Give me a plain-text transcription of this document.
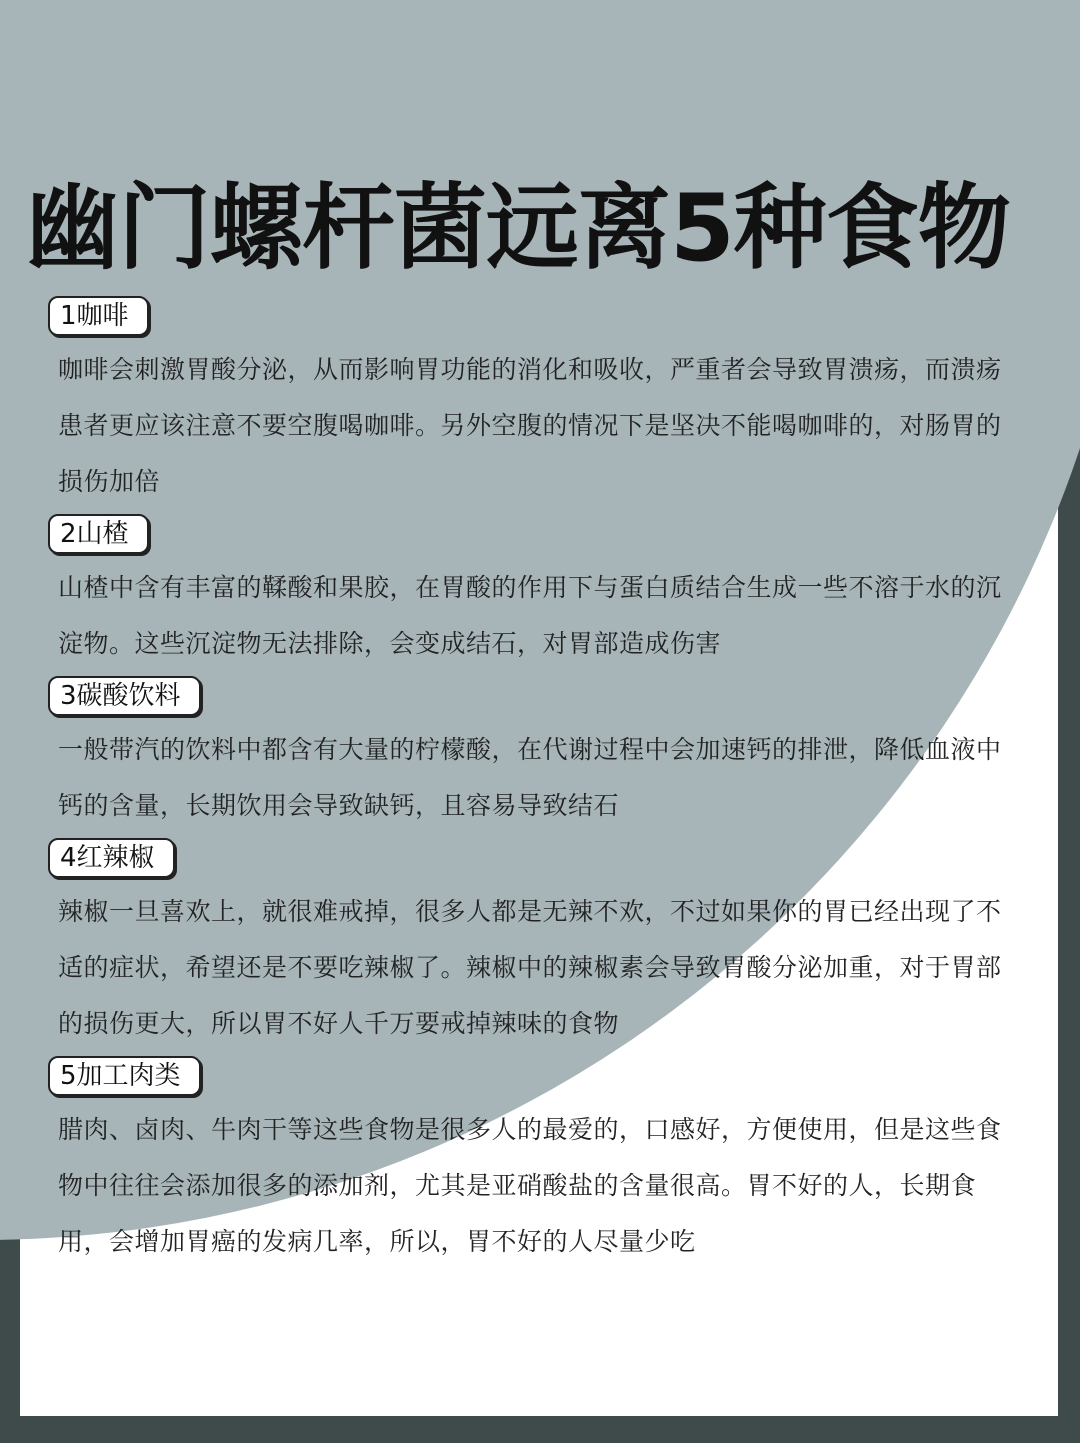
幽门螺杆菌远离5种食物
1咖啡
咖啡会刺激胃酸分泌，从而影响胃功能的消化和吸收，严重者会导致胃溃疡，而溃疡患者更应该注意不要空腹喝咖啡。另外空腹的情况下是坚决不能喝咖啡的，对肠胃的损伤加倍
2山楂
山楂中含有丰富的鞣酸和果胶，在胃酸的作用下与蛋白质结合生成一些不溶于水的沉淀物。这些沉淀物无法排除，会变成结石，对胃部造成伤害
3碳酸饮料
一般带汽的饮料中都含有大量的柠檬酸，在代谢过程中会加速钙的排泄，降低血液中钙的含量，长期饮用会导致缺钙，且容易导致结石
4红辣椒
辣椒一旦喜欢上，就很难戒掉，很多人都是无辣不欢，不过如果你的胃已经出现了不适的症状，希望还是不要吃辣椒了。辣椒中的辣椒素会导致胃酸分泌加重，对于胃部的损伤更大，所以胃不好人千万要戒掉辣味的食物
5加工肉类
腊肉、卤肉、牛肉干等这些食物是很多人的最爱的，口感好，方便使用，但是这些食物中往往会添加很多的添加剂，尤其是亚硝酸盐的含量很高。胃不好的人，长期食用，会增加胃癌的发病几率，所以，胃不好的人尽量少吃
